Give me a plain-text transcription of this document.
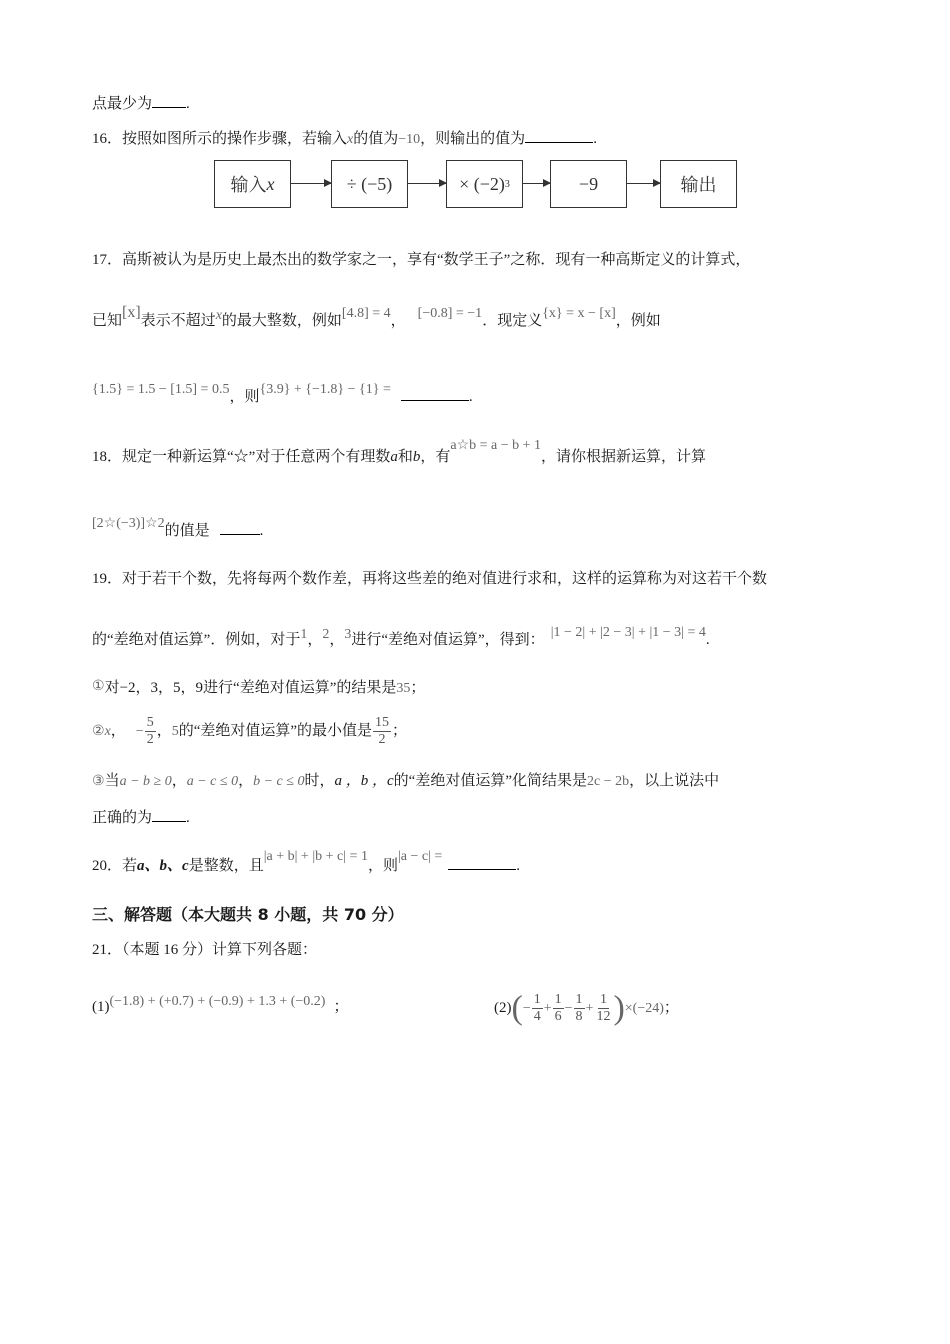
点最少为 .
16．按照如图所示的操作步骤，若输入x的值为−10，则输出的值为	.
输入 x	÷ (−5)	× (−2) 3	−9	输出
17．高斯被认为是历史上最杰出的数学家之一，享有“数学王子”之称．现有一种高斯定义的计算式，
已知[x]表示不超过x的最大整数，例如[4.8] = 4， [−0.8] = −1．现定义{x} = x − [x]，例如
{1.5} = 1.5 − [1.5] = 0.5，则{3.9} + {−1.8} − {1} =	.
18．规定一种新运算“☆”对于任意两个有理数a和b，有a☆b = a − b + 1，请你根据新运算，计算
[2☆(−3)]☆2的值是	.
19．对于若干个数，先将每两个数作差，再将这些差的绝对值进行求和，这样的运算称为对这若干个数
的“差绝对值运算”．例如，对于1，2，3进行“差绝对值运算”，得到： |1 − 2| + |2 − 3| + |1 − 3| = 4.
①对−2，3，5，9进行“差绝对值运算”的结果是35；
②x， − $\frac{5}{2}$ ，5的“差绝对值运算”的最小值是 $\frac{15}{2}$ ；
③当a − b ≥ 0，a − c ≤ 0，b − c ≤ 0时，a ，b ，c的“差绝对值运算”化简结果是2c − 2b，以上说法中
正确的为 .
20．若a、b、c是整数，且|a + b| + |b + c| = 1，则|a − c| =.
三、解答题（本大题共 8 小题，共 70 分）
21．（本题 16 分）计算下列各题：
(1)(−1.8) + (+0.7) + (−0.9) + 1.3 + (−0.2) ；	$(2)(- \frac{1}{4} + \frac{1}{6} - \frac{1}{8} + \frac{1}{12} )\times(-24)$；
